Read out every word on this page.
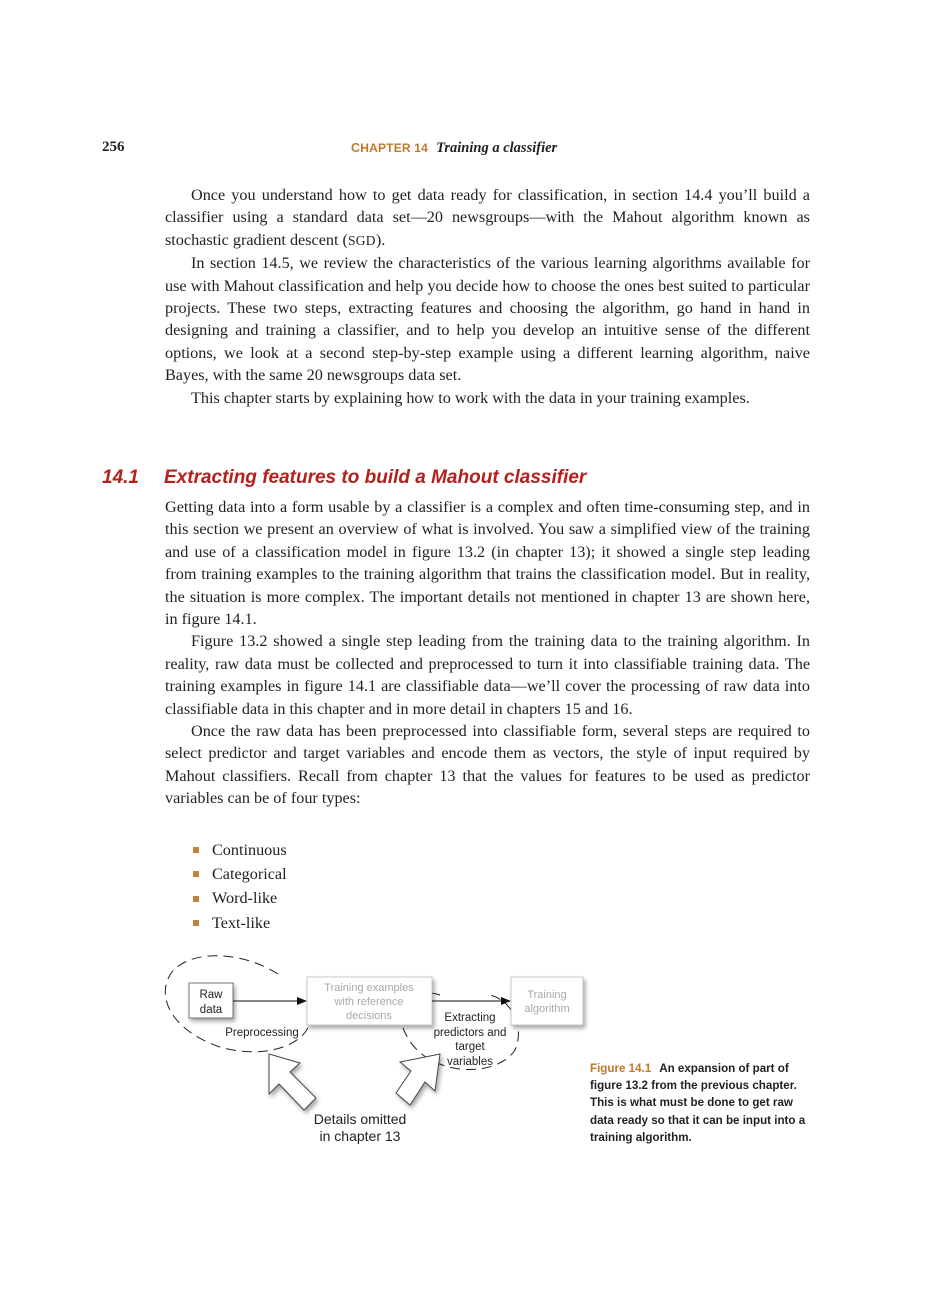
256	CHAPTER 14 Training a classifier

Once you understand how to get data ready for classification, in section 14.4 you’ll build a classifier using a standard data set—20 newsgroups—with the Mahout algorithm known as stochastic gradient descent (SGD).

In section 14.5, we review the characteristics of the various learning algorithms available for use with Mahout classification and help you decide how to choose the ones best suited to particular projects. These two steps, extracting features and choosing the algorithm, go hand in hand in designing and training a classifier, and to help you develop an intuitive sense of the different options, we look at a second step-by-step example using a different learning algorithm, naive Bayes, with the same 20 newsgroups data set.

This chapter starts by explaining how to work with the data in your training examples.

14.1 Extracting features to build a Mahout classifier

Getting data into a form usable by a classifier is a complex and often time-consuming step, and in this section we present an overview of what is involved. You saw a simplified view of the training and use of a classification model in figure 13.2 (in chapter 13); it showed a single step leading from training examples to the training algorithm that trains the classification model. But in reality, the situation is more complex. The important details not mentioned in chapter 13 are shown here, in figure 14.1.

Figure 13.2 showed a single step leading from the training data to the training algorithm. In reality, raw data must be collected and preprocessed to turn it into classifiable training data. The training examples in figure 14.1 are classifiable data—we’ll cover the processing of raw data into classifiable data in this chapter and in more detail in chapters 15 and 16.

Once the raw data has been preprocessed into classifiable form, several steps are required to select predictor and target variables and encode them as vectors, the style of input required by Mahout classifiers. Recall from chapter 13 that the values for features to be used as predictor variables can be of four types:

Continuous
Categorical
Word-like
Text-like
Raw
data
Training examples
with reference
decisions
Training
algorithm
Preprocessing
Extracting
predictors and
target
variables
Details omitted
in chapter 13
Figure 14.1 An expansion of part of figure 13.2 from the previous chapter. This is what must be done to get raw data ready so that it can be input into a training algorithm.
